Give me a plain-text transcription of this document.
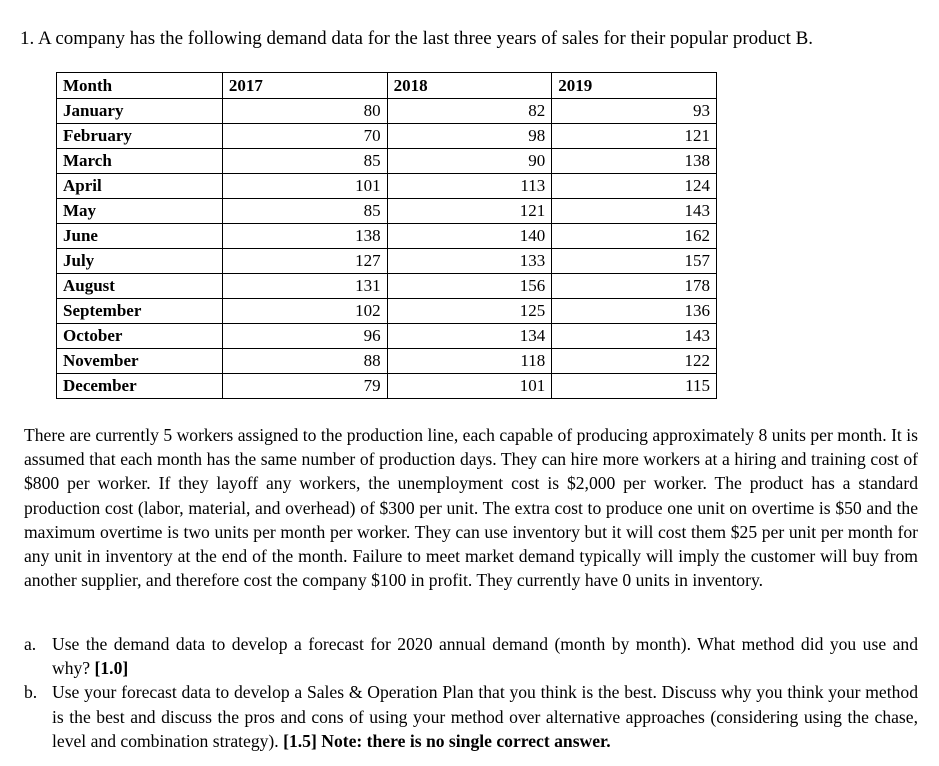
1. A company has the following demand data for the last three years of sales for their popular product B.
Month	2017	2018	2019
January	80	82	93
February	70	98	121
March	85	90	138
April	101	113	124
May	85	121	143
June	138	140	162
July	127	133	157
August	131	156	178
September	102	125	136
October	96	134	143
November	88	118	122
December	79	101	115
There are currently 5 workers assigned to the production line, each capable of producing approximately 8 units per month. It is assumed that each month has the same number of production days. They can hire more workers at a hiring and training cost of $800 per worker. If they layoff any workers, the unemployment cost is $2,000 per worker. The product has a standard production cost (labor, material, and overhead) of $300 per unit. The extra cost to produce one unit on overtime is $50 and the maximum overtime is two units per month per worker. They can use inventory but it will cost them $25 per unit per month for any unit in inventory at the end of the month. Failure to meet market demand typically will imply the customer will buy from another supplier, and therefore cost the company $100 in profit. They currently have 0 units in inventory.
a. Use the demand data to develop a forecast for 2020 annual demand (month by month). What method did you use and why? [1.0]
b. Use your forecast data to develop a Sales & Operation Plan that you think is the best. Discuss why you think your method is the best and discuss the pros and cons of using your method over alternative approaches (considering using the chase, level and combination strategy). [1.5] Note: there is no single correct answer.
